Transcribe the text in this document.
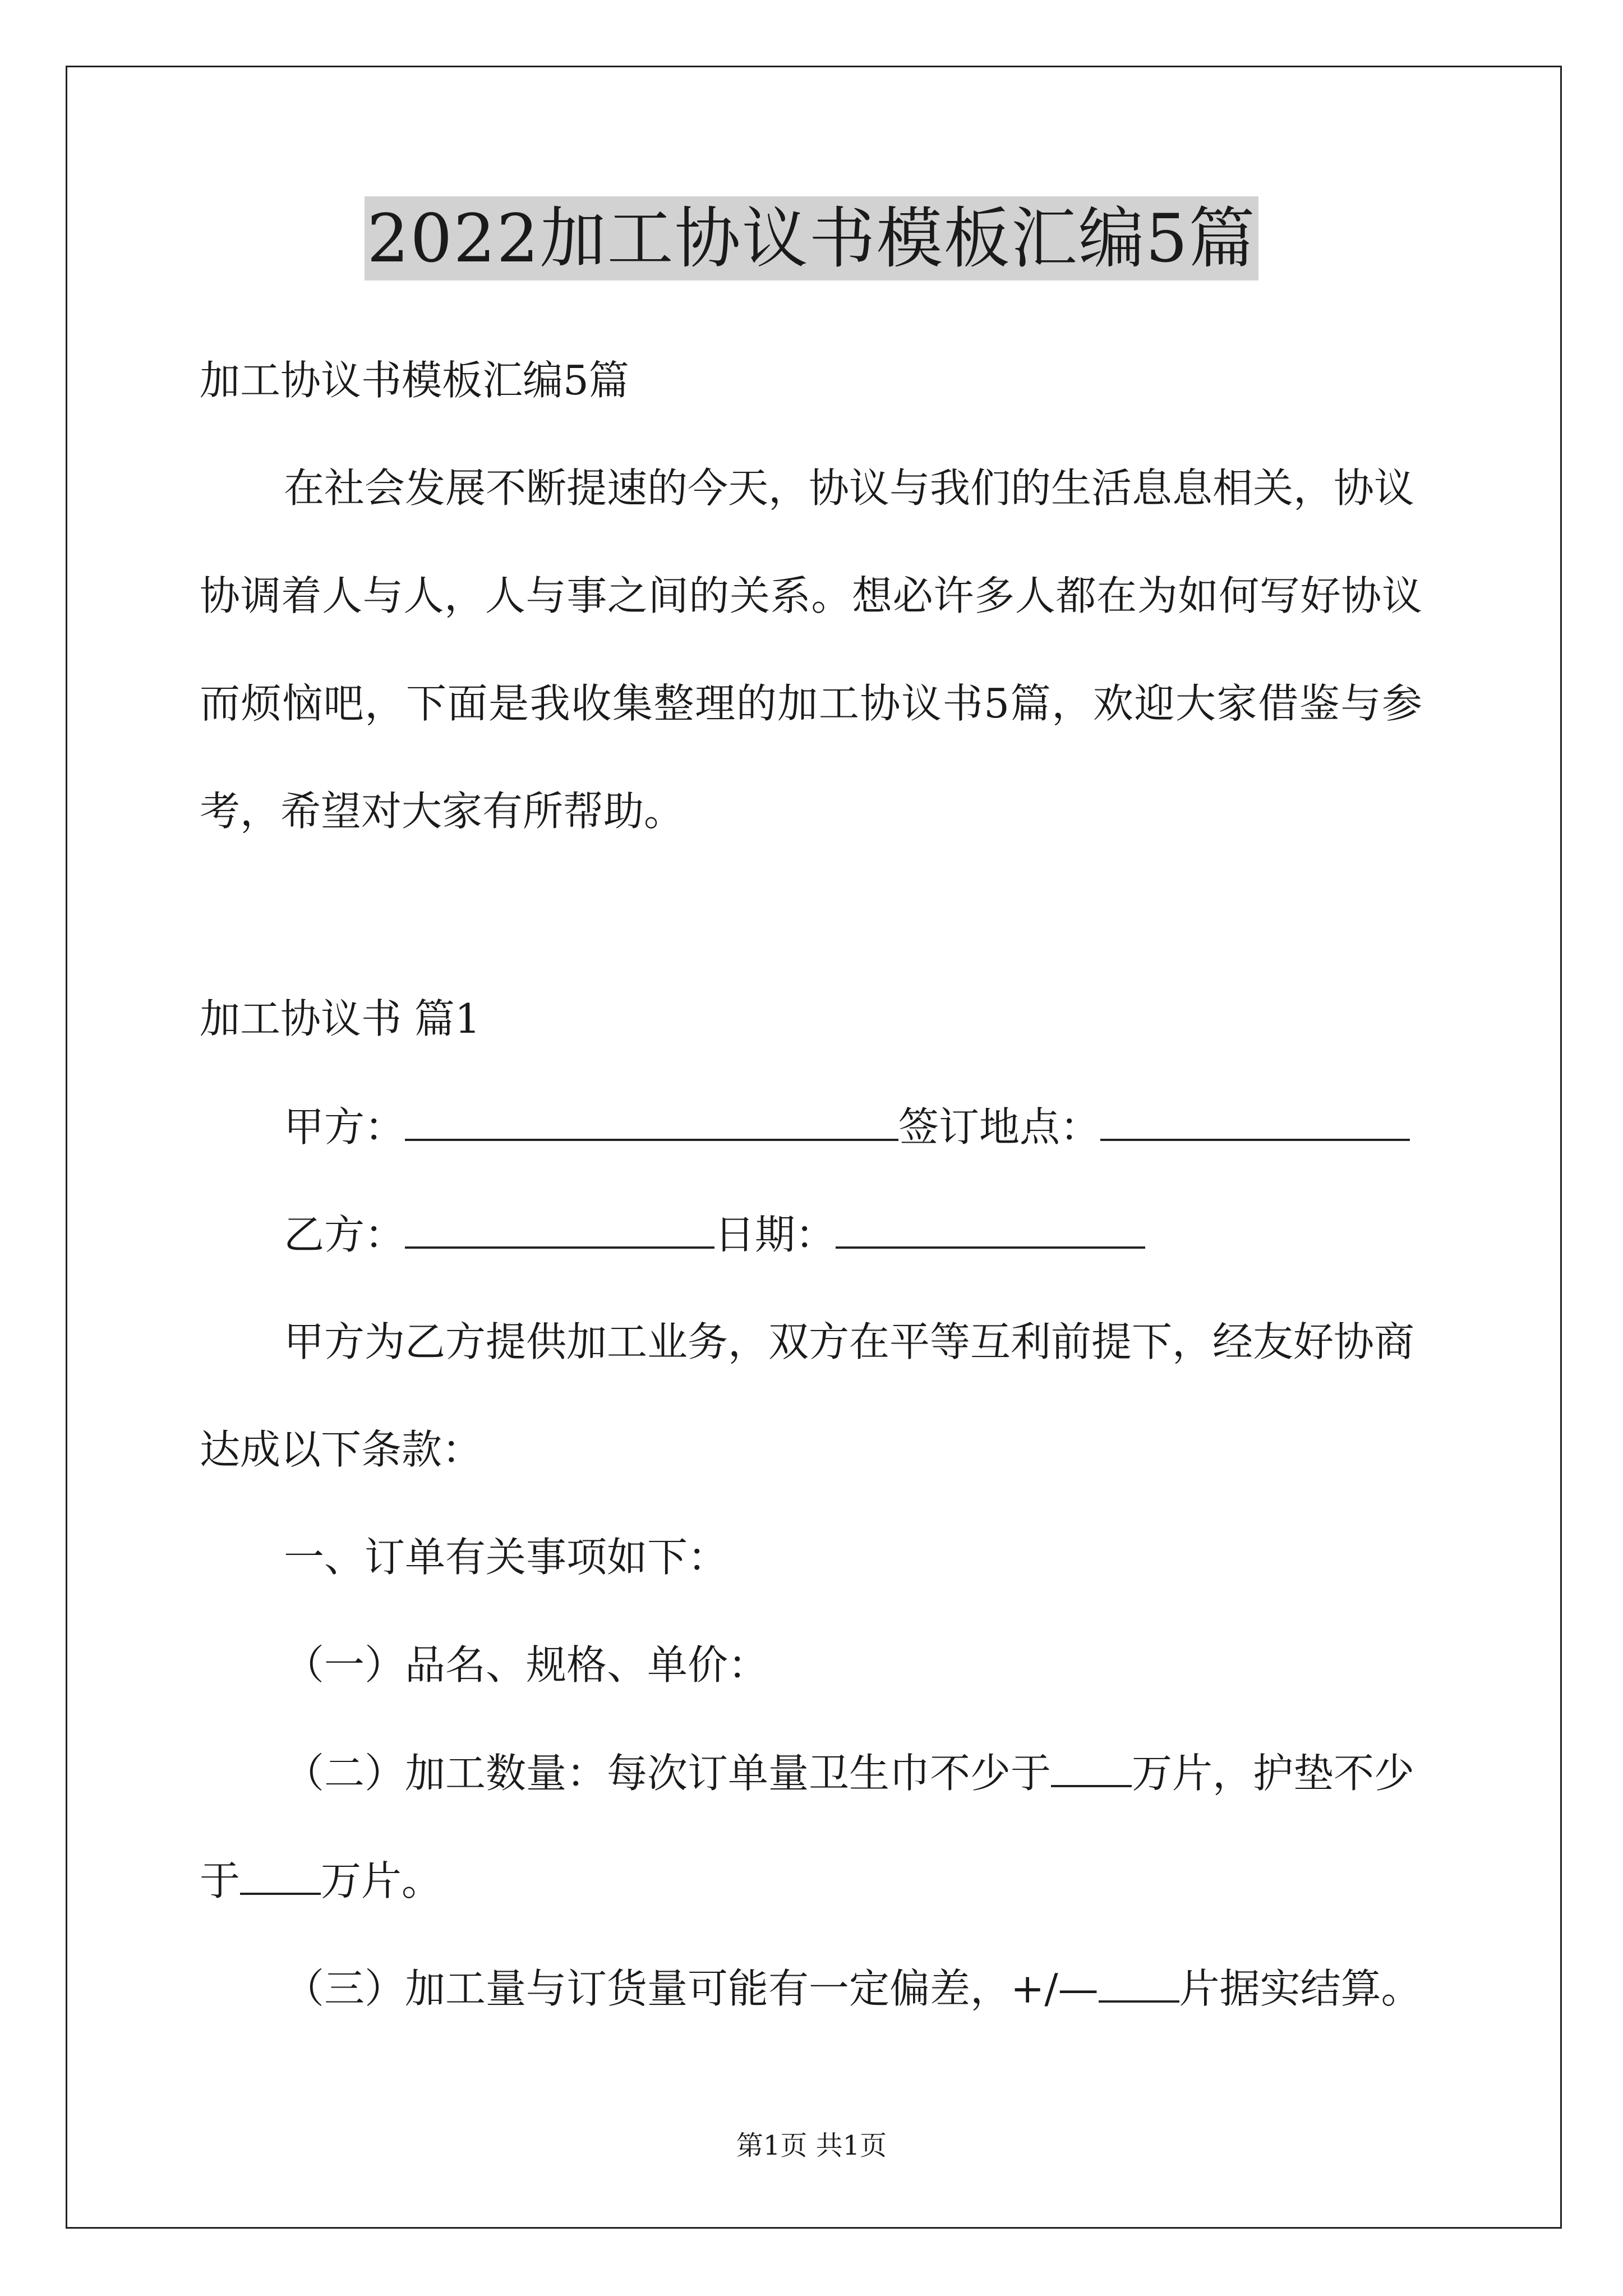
2022加工协议书模板汇编5篇

加工协议书模板汇编5篇

在社会发展不断提速的今天，协议与我们的生活息息相关，协议

协调着人与人，人与事之间的关系。想必许多人都在为如何写好协议

而烦恼吧，下面是我收集整理的加工协议书5篇，欢迎大家借鉴与参

考，希望对大家有所帮助。

加工协议书 篇1

甲方：	签订地点：

乙方：	日期：

甲方为乙方提供加工业务，双方在平等互利前提下，经友好协商

达成以下条款：

一、订单有关事项如下：

（一）品名、规格、单价：

（二）加工数量：每次订单量卫生巾不少于 万片，护垫不少

于 万片。

（三）加工量与订货量可能有一定偏差，+/— 片据实结算。

第1页 共1页
